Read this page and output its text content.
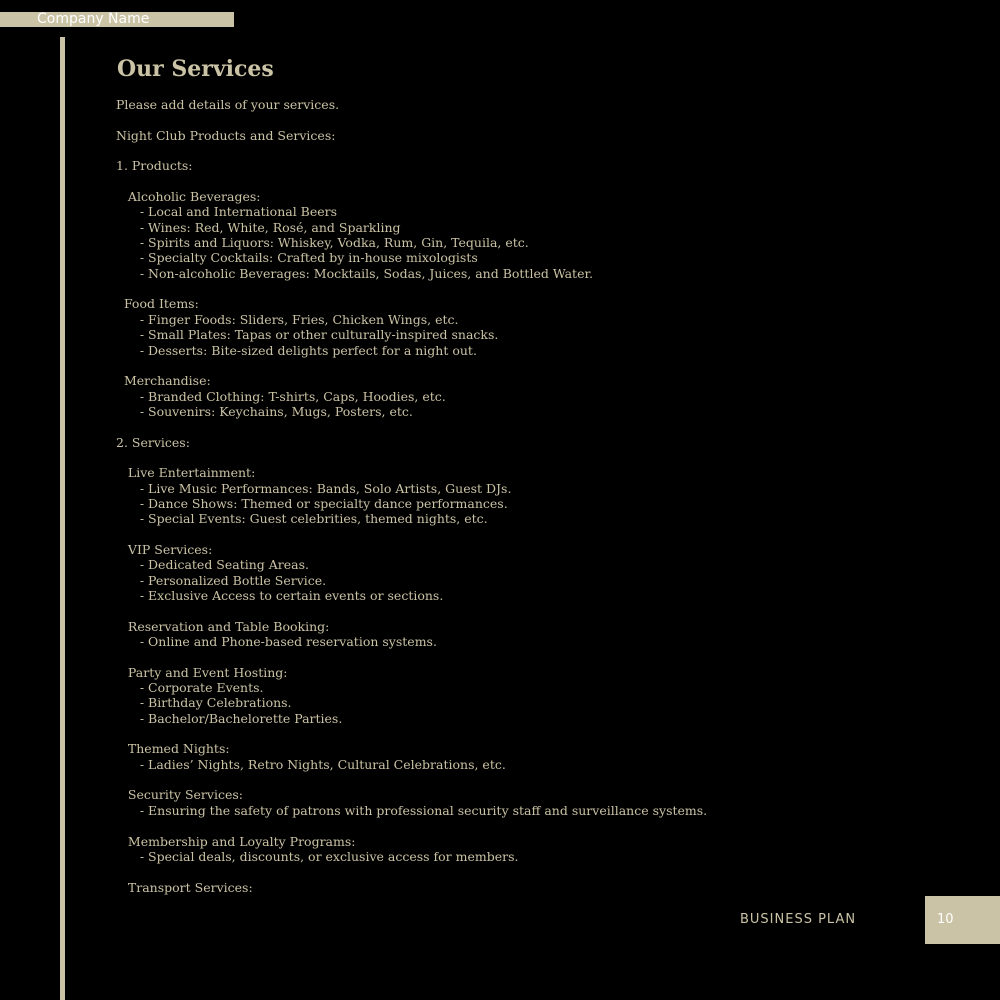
Company Name
Our Services
Please add details of your services.
Night Club Products and Services:
1. Products:
Alcoholic Beverages:
- Local and International Beers
- Wines: Red, White, Rosé, and Sparkling
- Spirits and Liquors: Whiskey, Vodka, Rum, Gin, Tequila, etc.
- Specialty Cocktails: Crafted by in-house mixologists
- Non-alcoholic Beverages: Mocktails, Sodas, Juices, and Bottled Water.
Food Items:
- Finger Foods: Sliders, Fries, Chicken Wings, etc.
- Small Plates: Tapas or other culturally-inspired snacks.
- Desserts: Bite-sized delights perfect for a night out.
Merchandise:
- Branded Clothing: T-shirts, Caps, Hoodies, etc.
- Souvenirs: Keychains, Mugs, Posters, etc.
2. Services:
Live Entertainment:
- Live Music Performances: Bands, Solo Artists, Guest DJs.
- Dance Shows: Themed or specialty dance performances.
- Special Events: Guest celebrities, themed nights, etc.
VIP Services:
- Dedicated Seating Areas.
- Personalized Bottle Service.
- Exclusive Access to certain events or sections.
Reservation and Table Booking:
- Online and Phone-based reservation systems.
Party and Event Hosting:
- Corporate Events.
- Birthday Celebrations.
- Bachelor/Bachelorette Parties.
Themed Nights:
- Ladies’ Nights, Retro Nights, Cultural Celebrations, etc.
Security Services:
- Ensuring the safety of patrons with professional security staff and surveillance systems.
Membership and Loyalty Programs:
- Special deals, discounts, or exclusive access for members.
Transport Services:
BUSINESS PLAN	10
